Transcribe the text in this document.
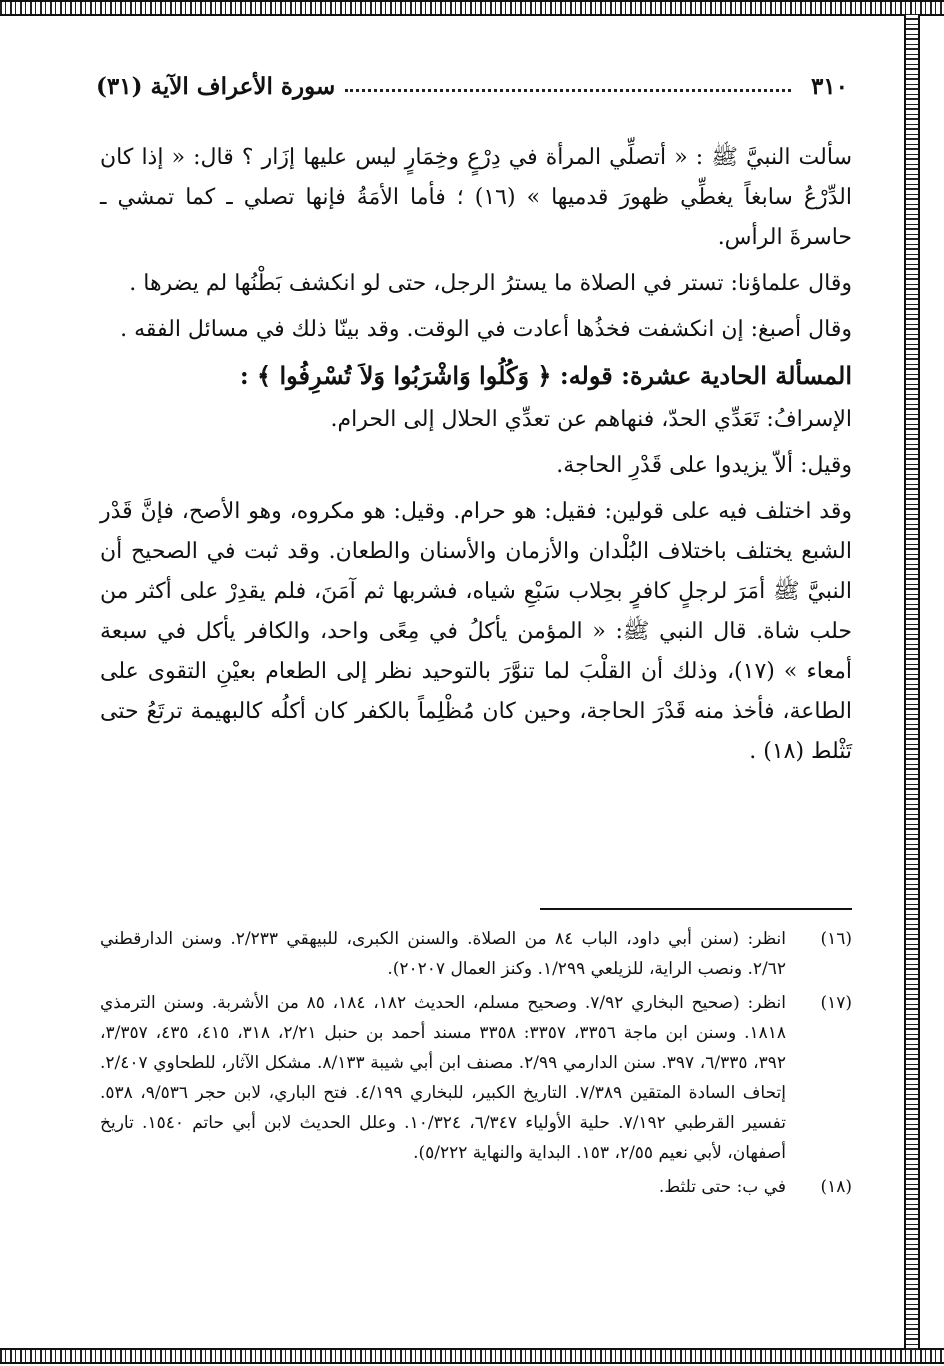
٣١٠
سورة الأعراف الآية (٣١)

سألت النبيَّ ﷺ : « أتصلِّي المرأة في دِرْعٍ وخِمَارٍ ليس عليها إزَار ؟ قال: « إذا كان الدِّرْعُ سابغاً يغطِّي ظهورَ قدميها » (١٦) ؛ فأما الأمَةُ فإنها تصلي ـ كما تمشي ـ حاسرةَ الرأس.

وقال علماؤنا: تستر في الصلاة ما يسترُ الرجل، حتى لو انكشف بَطْنُها لم يضرها .

وقال أصبغ: إن انكشفت فخذُها أعادت في الوقت. وقد بينّا ذلك في مسائل الفقه .

المسألة الحادية عشرة: قوله: ﴿ وَكُلُوا وَاشْرَبُوا وَلاَ تُسْرِفُوا ﴾ :

الإسرافُ: تَعَدِّي الحدّ، فنهاهم عن تعدِّي الحلال إلى الحرام.

وقيل: ألاّ يزيدوا على قَدْرِ الحاجة.

وقد اختلف فيه على قولين: فقيل: هو حرام. وقيل: هو مكروه، وهو الأصح، فإنَّ قَدْر الشبع يختلف باختلاف البُلْدان والأزمان والأسنان والطعان. وقد ثبت في الصحيح أن النبيَّ ﷺ أمَرَ لرجلٍ كافرٍ بحِلاب سَبْعِ شياه، فشربها ثم آمَنَ، فلم يقدِرْ على أكثر من حلب شاة. قال النبي ﷺ: « المؤمن يأكلُ في مِعًى واحد، والكافر يأكل في سبعة أمعاء » (١٧)، وذلك أن القلْبَ لما تنوَّرَ بالتوحيد نظر إلى الطعام بعيْنِ التقوى على الطاعة، فأخذ منه قَدْرَ الحاجة، وحين كان مُظْلِماً بالكفر كان أكلُه كالبهيمة ترتَعُ حتى تَثْلط (١٨) .

(١٦)
انظر: (سنن أبي داود، الباب ٨٤ من الصلاة. والسنن الكبرى، للبيهقي ٢/٢٣٣. وسنن الدارقطني ٢/٦٢. ونصب الراية، للزيلعي ١/٢٩٩. وكنز العمال ٢٠٢٠٧).
(١٧)
انظر: (صحيح البخاري ٧/٩٢. وصحيح مسلم، الحديث ١٨٢، ١٨٤، ٨٥ من الأشربة. وسنن الترمذي ١٨١٨. وسنن ابن ماجة ٣٣٥٦، ٣٣٥٧: ٣٣٥٨ مسند أحمد بن حنبل ٢/٢١، ٣١٨، ٤١٥، ٤٣٥، ٣/٣٥٧، ٣٩٢، ٦/٣٣٥، ٣٩٧. سنن الدارمي ٢/٩٩. مصنف ابن أبي شيبة ٨/١٣٣. مشكل الآثار، للطحاوي ٢/٤٠٧. إتحاف السادة المتقين ٧/٣٨٩. التاريخ الكبير، للبخاري ٤/١٩٩. فتح الباري، لابن حجر ٩/٥٣٦، ٥٣٨. تفسير القرطبي ٧/١٩٢. حلية الأولياء ٦/٣٤٧، ١٠/٣٢٤. وعلل الحديث لابن أبي حاتم ١٥٤٠. تاريخ أصفهان، لأبي نعيم ٢/٥٥، ١٥٣. البداية والنهاية ٥/٢٢٢).
(١٨)
في ب: حتى تلثط.
